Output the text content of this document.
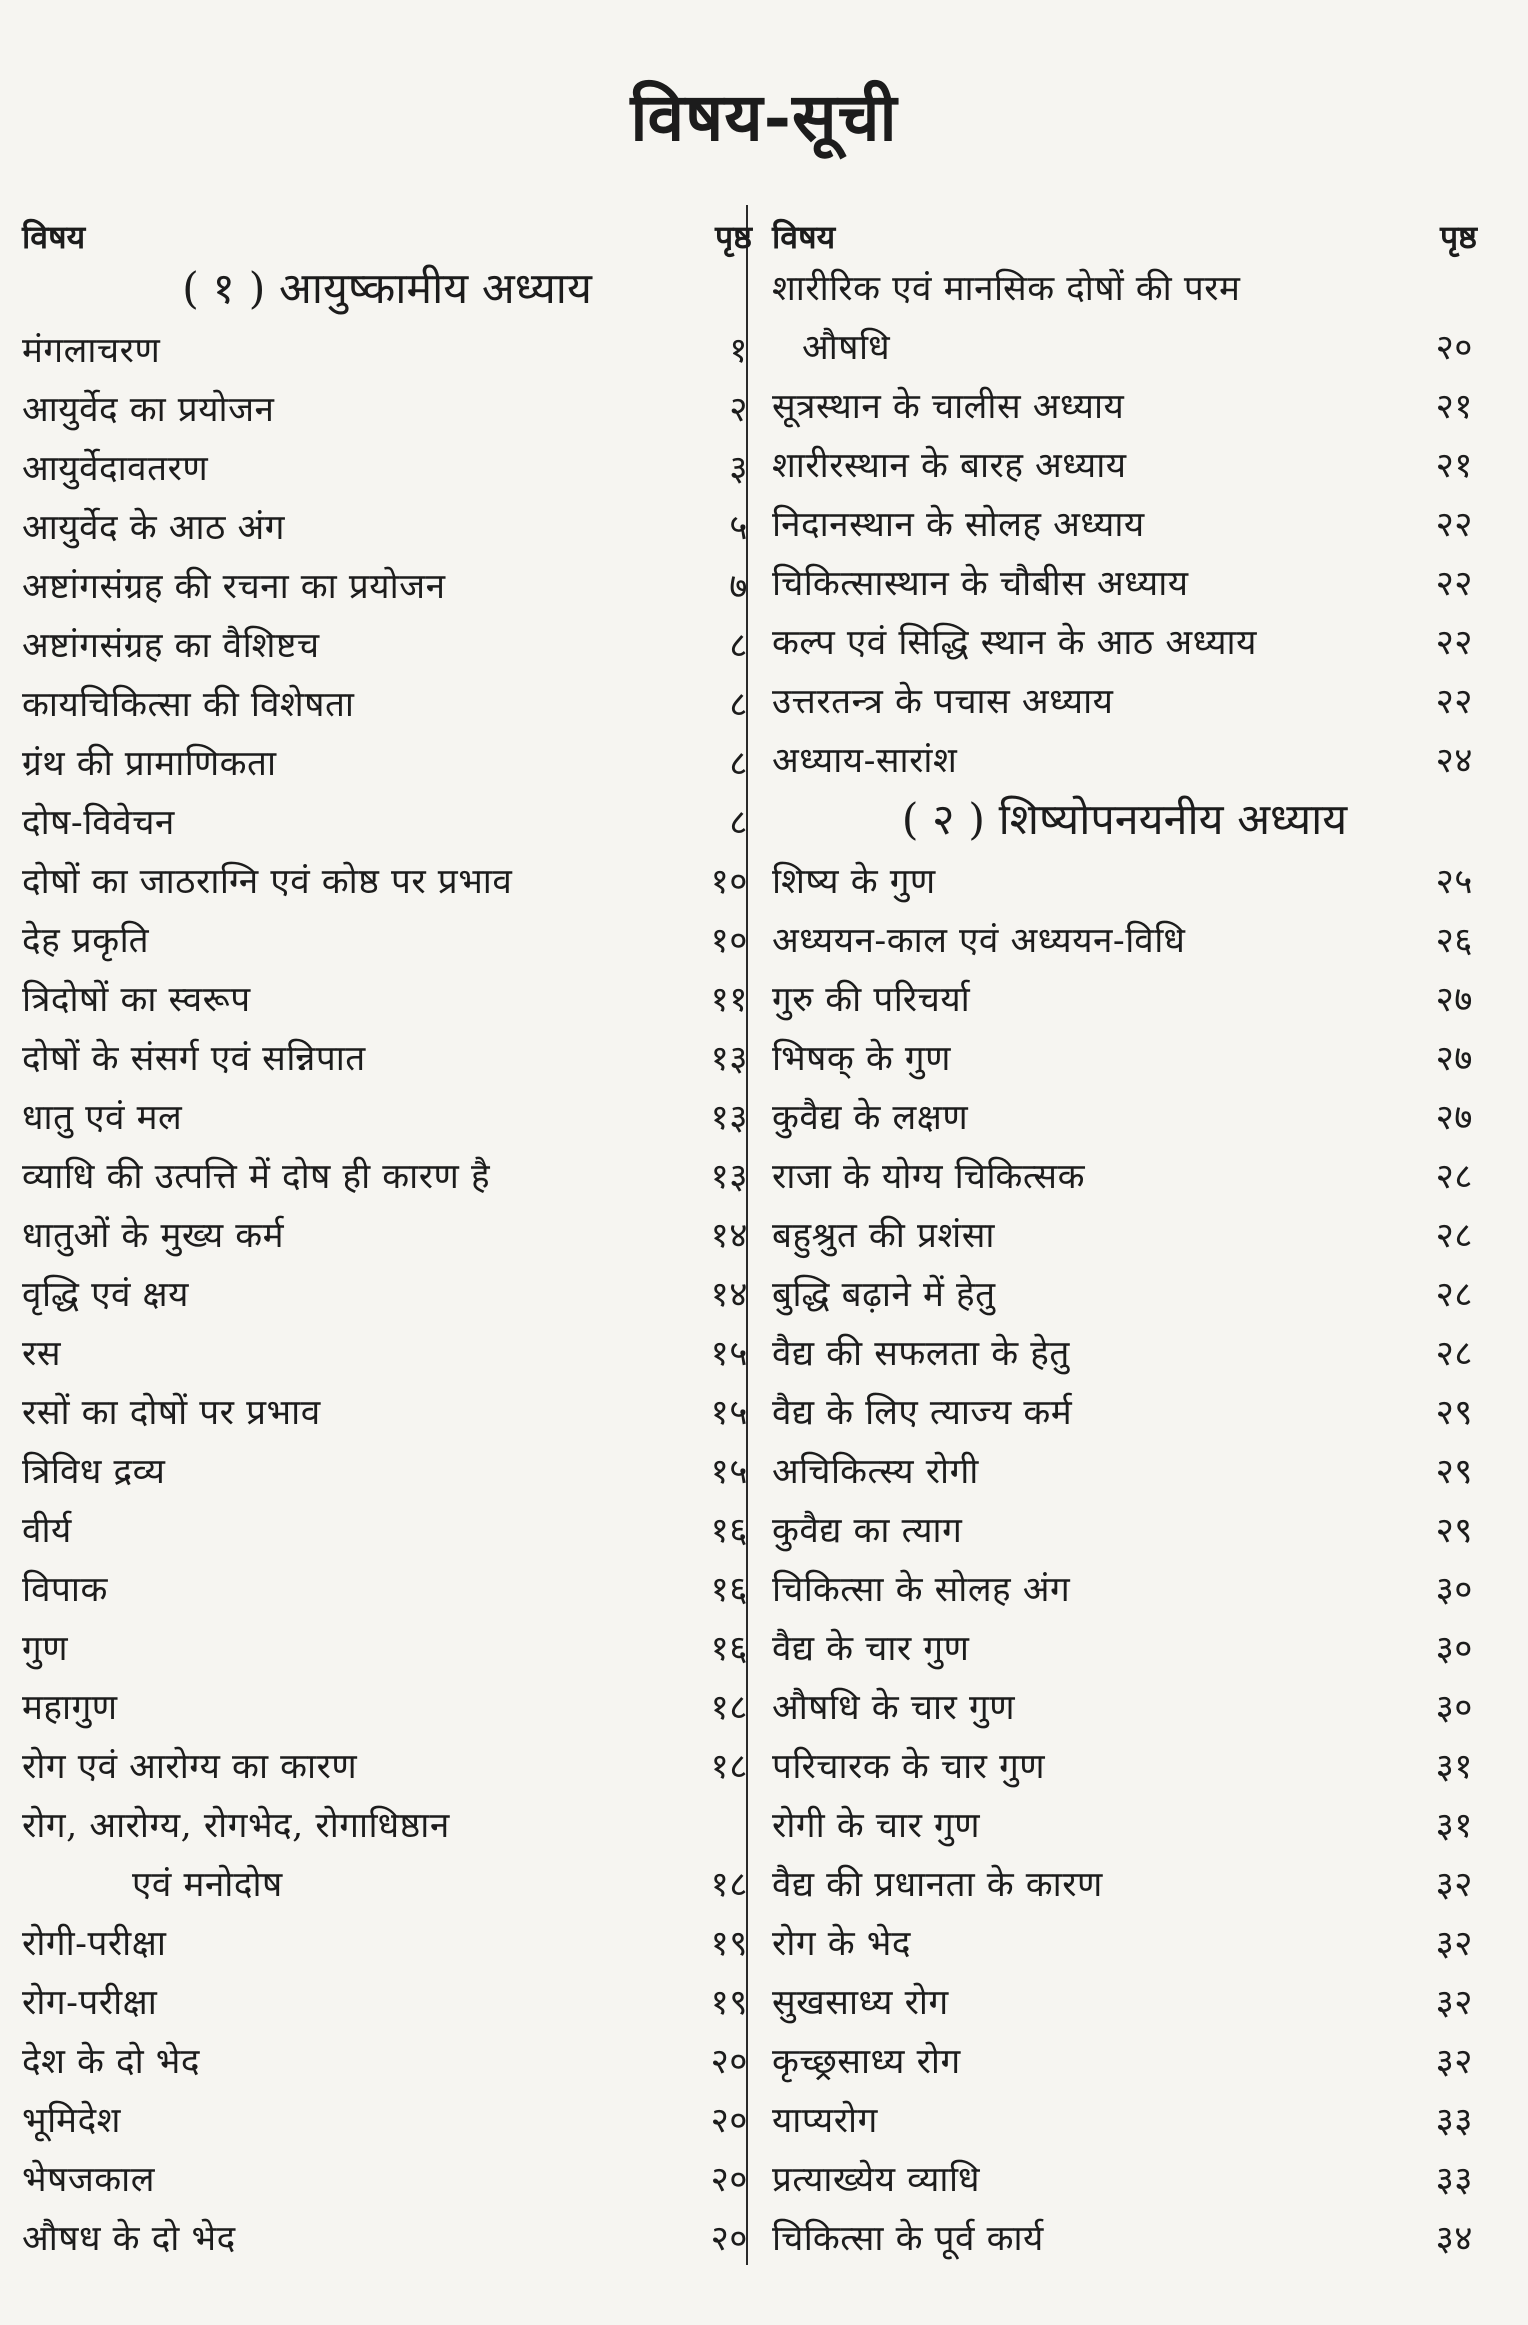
विषय-सूची
विषय	पृष्ठ
( १ ) आयुष्कामीय अध्याय
मंगलाचरण	१
आयुर्वेद का प्रयोजन	२
आयुर्वेदावतरण	३
आयुर्वेद के आठ अंग	५
अष्टांगसंग्रह की रचना का प्रयोजन	७
अष्टांगसंग्रह का वैशिष्टच	८
कायचिकित्सा की विशेषता	८
ग्रंथ की प्रामाणिकता	८
दोष-विवेचन	८
दोषों का जाठराग्नि एवं कोष्ठ पर प्रभाव	१०
देह प्रकृति	१०
त्रिदोषों का स्वरूप	११
दोषों के संसर्ग एवं सन्निपात	१३
धातु एवं मल	१३
व्याधि की उत्पत्ति में दोष ही कारण है	१३
धातुओं के मुख्य कर्म	१४
वृद्धि एवं क्षय	१४
रस	१५
रसों का दोषों पर प्रभाव	१५
त्रिविध द्रव्य	१५
वीर्य	१६
विपाक	१६
गुण	१६
महागुण	१८
रोग एवं आरोग्य का कारण	१८
रोग, आरोग्य, रोगभेद, रोगाधिष्ठान
एवं मनोदोष	१८
रोगी-परीक्षा	१९
रोग-परीक्षा	१९
देश के दो भेद	२०
भूमिदेश	२०
भेषजकाल	२०
औषध के दो भेद	२०
विषय	पृष्ठ
शारीरिक एवं मानसिक दोषों की परम
औषधि	२०
सूत्रस्थान के चालीस अध्याय	२१
शारीरस्थान के बारह अध्याय	२१
निदानस्थान के सोलह अध्याय	२२
चिकित्सास्थान के चौबीस अध्याय	२२
कल्प एवं सिद्धि स्थान के आठ अध्याय	२२
उत्तरतन्त्र के पचास अध्याय	२२
अध्याय-सारांश	२४
( २ ) शिष्योपनयनीय अध्याय
शिष्य के गुण	२५
अध्ययन-काल एवं अध्ययन-विधि	२६
गुरु की परिचर्या	२७
भिषक् के गुण	२७
कुवैद्य के लक्षण	२७
राजा के योग्य चिकित्सक	२८
बहुश्रुत की प्रशंसा	२८
बुद्धि बढ़ाने में हेतु	२८
वैद्य की सफलता के हेतु	२८
वैद्य के लिए त्याज्य कर्म	२९
अचिकित्स्य रोगी	२९
कुवैद्य का त्याग	२९
चिकित्सा के सोलह अंग	३०
वैद्य के चार गुण	३०
औषधि के चार गुण	३०
परिचारक के चार गुण	३१
रोगी के चार गुण	३१
वैद्य की प्रधानता के कारण	३२
रोग के भेद	३२
सुखसाध्य रोग	३२
कृच्छ्रसाध्य रोग	३२
याप्यरोग	३३
प्रत्याख्येय व्याधि	३३
चिकित्सा के पूर्व कार्य	३४
